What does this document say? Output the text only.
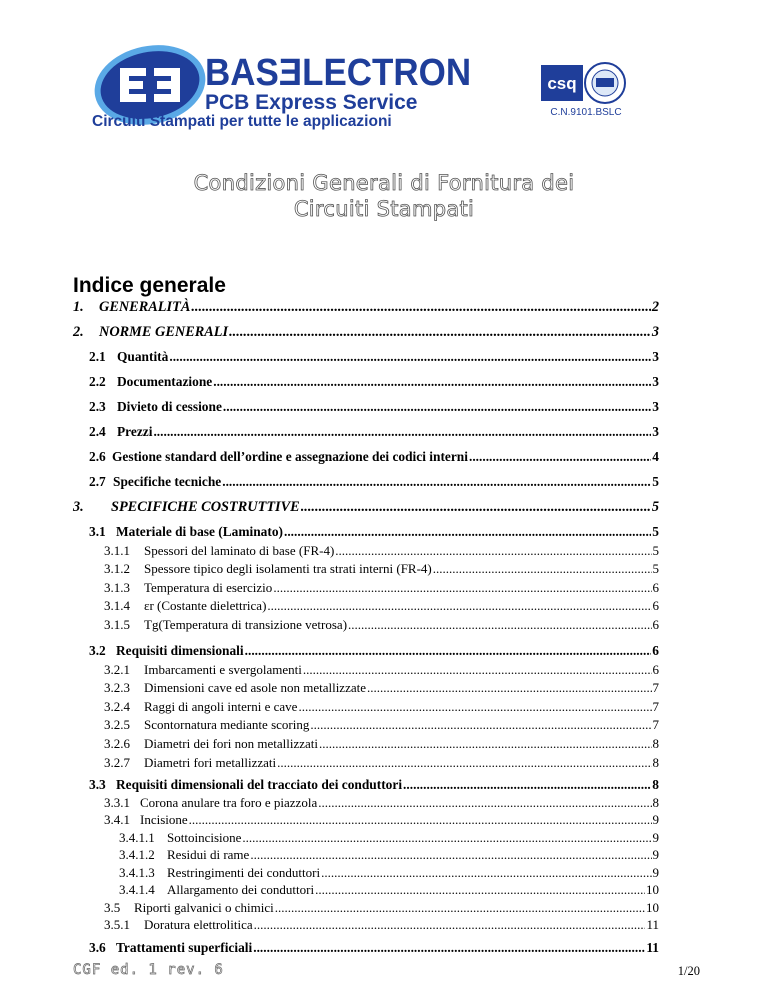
BASƎLECTRON
PCB Express Service
Circuiti Stampati per tutte le applicazioni
csq
C.N.9101.BSLC
Condizioni Generali di Fornitura dei
Circuiti Stampati
Indice generale
1.	GENERALITÀ .....	2
2.	NORME GENERALI .....	3
2.1 Quantità .....	3
2.2 Documentazione .....	3
2.3 Divieto di cessione .....	3
2.4 Prezzi .....	3
2.6 Gestione standard dell’ordine e assegnazione dei codici interni .....	4
2.7 Specifiche tecniche .....	5
3.	SPECIFICHE COSTRUTTIVE .....	5
3.1 Materiale di base (Laminato) .....	5
3.1.1	Spessori del laminato di base (FR-4) .....	5
3.1.2	Spessore tipico degli isolamenti tra strati interni (FR-4) .....	5
3.1.3	Temperatura di esercizio .....	6
3.1.4	εr (Costante dielettrica) .....	6
3.1.5	Tg(Temperatura di transizione vetrosa) .....	6
3.2 Requisiti dimensionali .....	6
3.2.1	Imbarcamenti e svergolamenti .....	6
3.2.3	Dimensioni cave ed asole non metallizzate .....	7
3.2.4	Raggi di angoli interni e cave .....	7
3.2.5	Scontornatura mediante scoring .....	7
3.2.6	Diametri dei fori non metallizzati .....	8
3.2.7	Diametri fori metallizzati .....	8
3.3 Requisiti dimensionali del tracciato dei conduttori .....	8
3.3.1 Corona anulare tra foro e piazzola .....	8
3.4.1 Incisione .....	9
3.4.1.1 Sottoincisione .....	9
3.4.1.2 Residui di rame .....	9
3.4.1.3 Restringimenti dei conduttori .....	9
3.4.1.4 Allargamento dei conduttori .....	10
3.5	Riporti galvanici o chimici .....	10
3.5.1	Doratura elettrolitica .....	11
3.6 Trattamenti superficiali .....	11
CGF ed. 1 rev. 6	1/20
